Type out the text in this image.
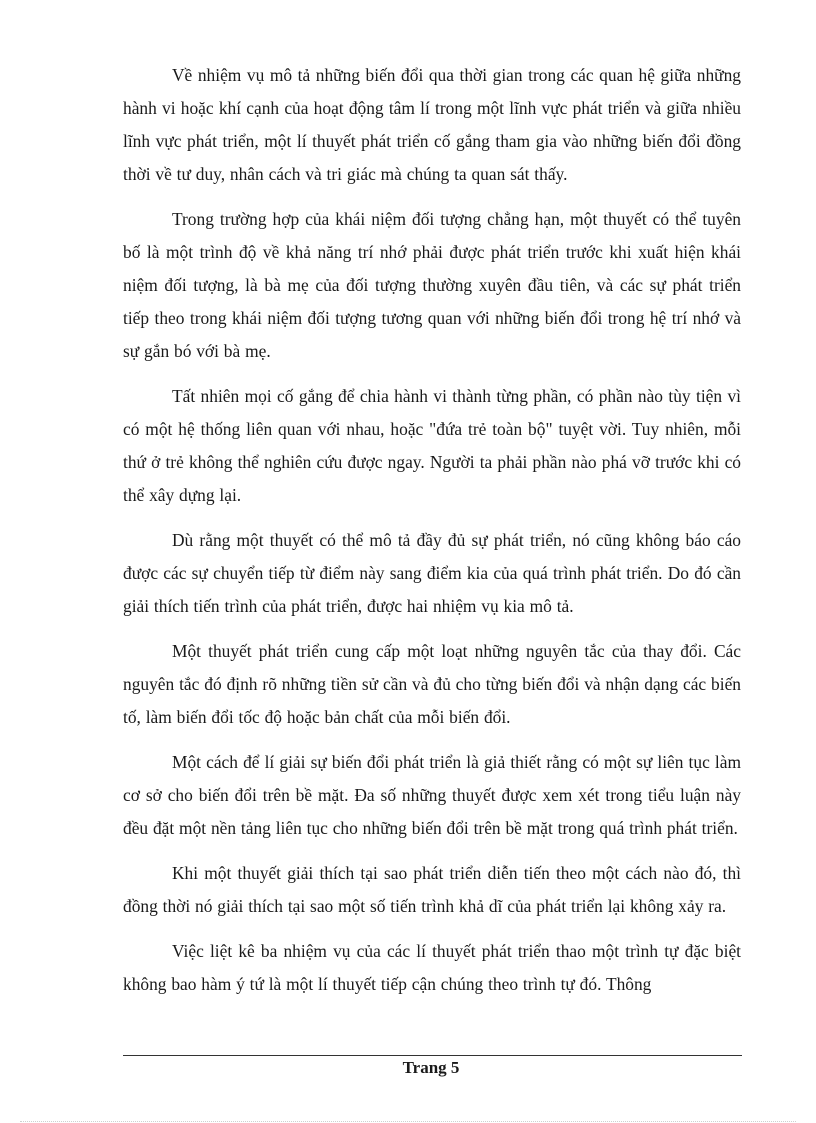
Về nhiệm vụ mô tả những biến đổi qua thời gian trong các quan hệ giữa những hành vi hoặc khí cạnh của hoạt động tâm lí trong một lĩnh vực phát triển và giữa nhiều lĩnh vực phát triển, một lí thuyết phát triển cố gắng tham gia vào những biến đổi đồng thời về tư duy, nhân cách và tri giác mà chúng ta quan sát thấy.

Trong trường hợp của khái niệm đối tượng chẳng hạn, một thuyết có thể tuyên bố là một trình độ về khả năng trí nhớ phải được phát triển trước khi xuất hiện khái niệm đối tượng, là bà mẹ của đối tượng thường xuyên đầu tiên, và các sự phát triển tiếp theo trong khái niệm đối tượng tương quan với những biến đổi trong hệ trí nhớ và sự gắn bó với bà mẹ.

Tất nhiên mọi cố gắng để chia hành vi thành từng phần, có phần nào tùy tiện vì có một hệ thống liên quan với nhau, hoặc "đứa trẻ toàn bộ" tuyệt vời. Tuy nhiên, mỗi thứ ở trẻ không thể nghiên cứu được ngay. Người ta phải phần nào phá vỡ trước khi có thể xây dựng lại.

Dù rằng một thuyết có thể mô tả đầy đủ sự phát triển, nó cũng không báo cáo được các sự chuyển tiếp từ điểm này sang điểm kia của quá trình phát triển. Do đó cần giải thích tiến trình của phát triển, được hai nhiệm vụ kia mô tả.

Một thuyết phát triển cung cấp một loạt những nguyên tắc của thay đổi. Các nguyên tắc đó định rõ những tiền sử cần và đủ cho từng biến đổi và nhận dạng các biến tố, làm biến đổi tốc độ hoặc bản chất của mỗi biến đổi.

Một cách để lí giải sự biến đổi phát triển là giả thiết rằng có một sự liên tục làm cơ sở cho biến đổi trên bề mặt. Đa số những thuyết được xem xét trong tiểu luận này đều đặt một nền tảng liên tục cho những biến đổi trên bề mặt trong quá trình phát triển.

Khi một thuyết giải thích tại sao phát triển diễn tiến theo một cách nào đó, thì đồng thời nó giải thích tại sao một số tiến trình khả dĩ của phát triển lại không xảy ra.

Việc liệt kê ba nhiệm vụ của các lí thuyết phát triển thao một trình tự đặc biệt không bao hàm ý tứ là một lí thuyết tiếp cận chúng theo trình tự đó. Thông

Trang 5
